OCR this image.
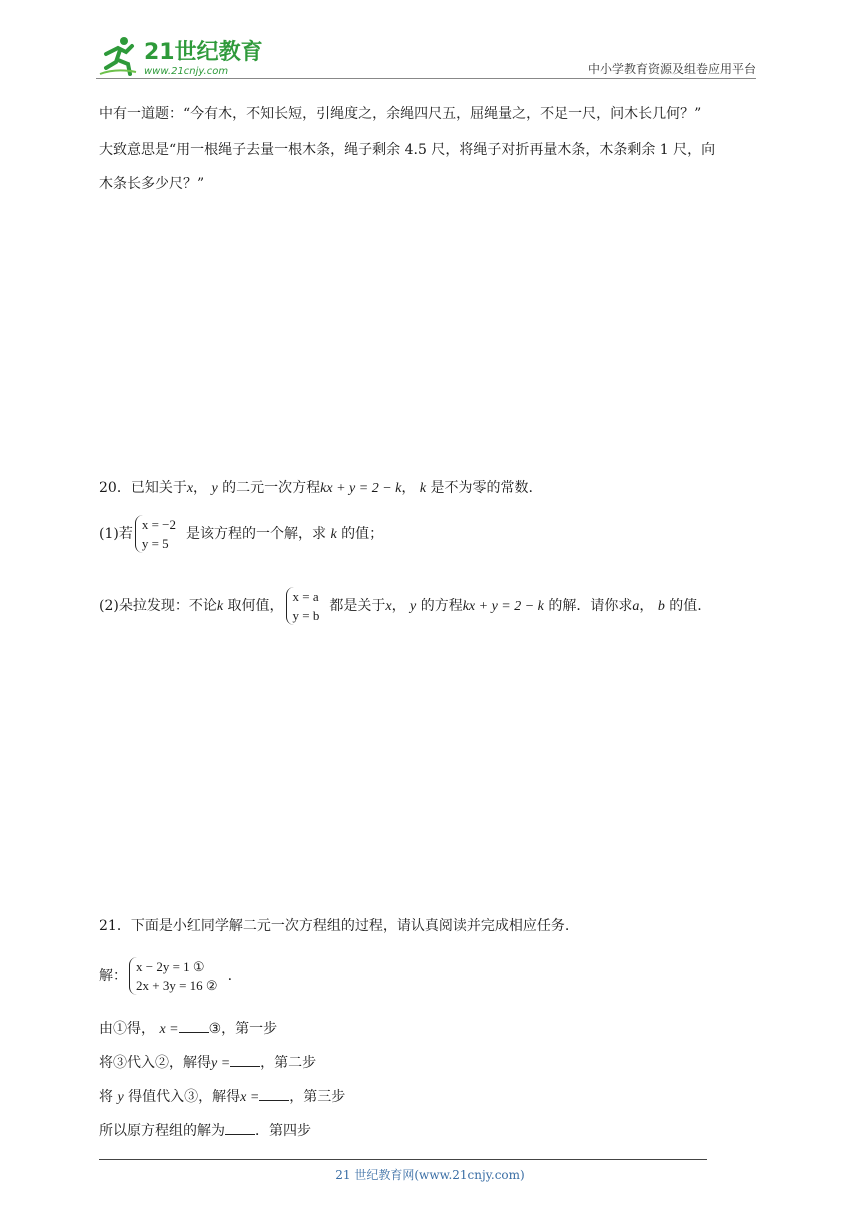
21世纪教育
www.21cnjy.com	中小学教育资源及组卷应用平台
中有一道题：“今有木，不知长短，引绳度之，余绳四尺五，屈绳量之，不足一尺，问木长几何？”
大致意思是“用一根绳子去量一根木条，绳子剩余 4.5 尺，将绳子对折再量木条，木条剩余 1 尺，向
木条长多少尺？”
20．已知关于x， y 的二元一次方程kx + y = 2 − k， k 是不为零的常数.
(1)若
x = −2
y = 5
是该方程的一个解，求 k 的值；
(2)朵拉发现：不论k 取何值，
x = a
y = b
都是关于x， y 的方程kx + y = 2 − k 的解．请你求a， b 的值.
21．下面是小红同学解二元一次方程组的过程，请认真阅读并完成相应任务.
解：
x − 2y = 1 ①
2x + 3y = 16 ②
.
由①得， x = ③，第一步
将③代入②，解得y = ，第二步
将 y 得值代入③，解得x = ，第三步
所以原方程组的解为 ．第四步
21 世纪教育网(www.21cnjy.com)
